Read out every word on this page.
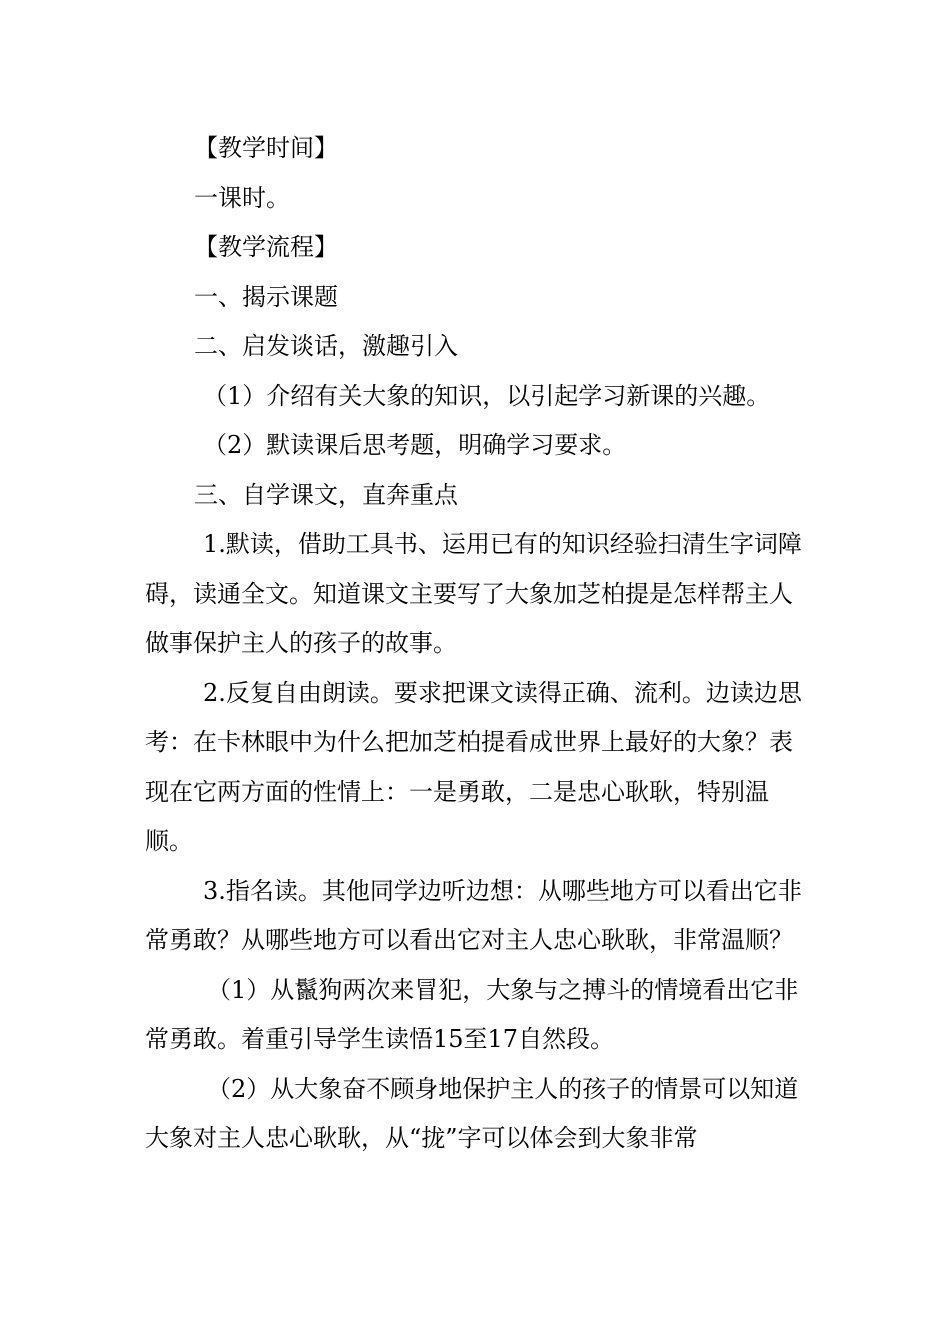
【教学时间】

一课时。

【教学流程】

一、揭示课题

二、启发谈话，激趣引入

（1）介绍有关大象的知识，以引起学习新课的兴趣。

（2）默读课后思考题，明确学习要求。

三、自学课文，直奔重点

1.默读，借助工具书、运用已有的知识经验扫清生字词障碍，读通全文。知道课文主要写了大象加芝柏提是怎样帮主人做事保护主人的孩子的故事。

2.反复自由朗读。要求把课文读得正确、流利。边读边思考：在卡林眼中为什么把加芝柏提看成世界上最好的大象？表现在它两方面的性情上：一是勇敢，二是忠心耿耿，特别温顺。

3.指名读。其他同学边听边想：从哪些地方可以看出它非常勇敢？从哪些地方可以看出它对主人忠心耿耿，非常温顺？

（1）从鬣狗两次来冒犯，大象与之搏斗的情境看出它非常勇敢。着重引导学生读悟15至17自然段。

（2）从大象奋不顾身地保护主人的孩子的情景可以知道大象对主人忠心耿耿，从“拢”字可以体会到大象非常
